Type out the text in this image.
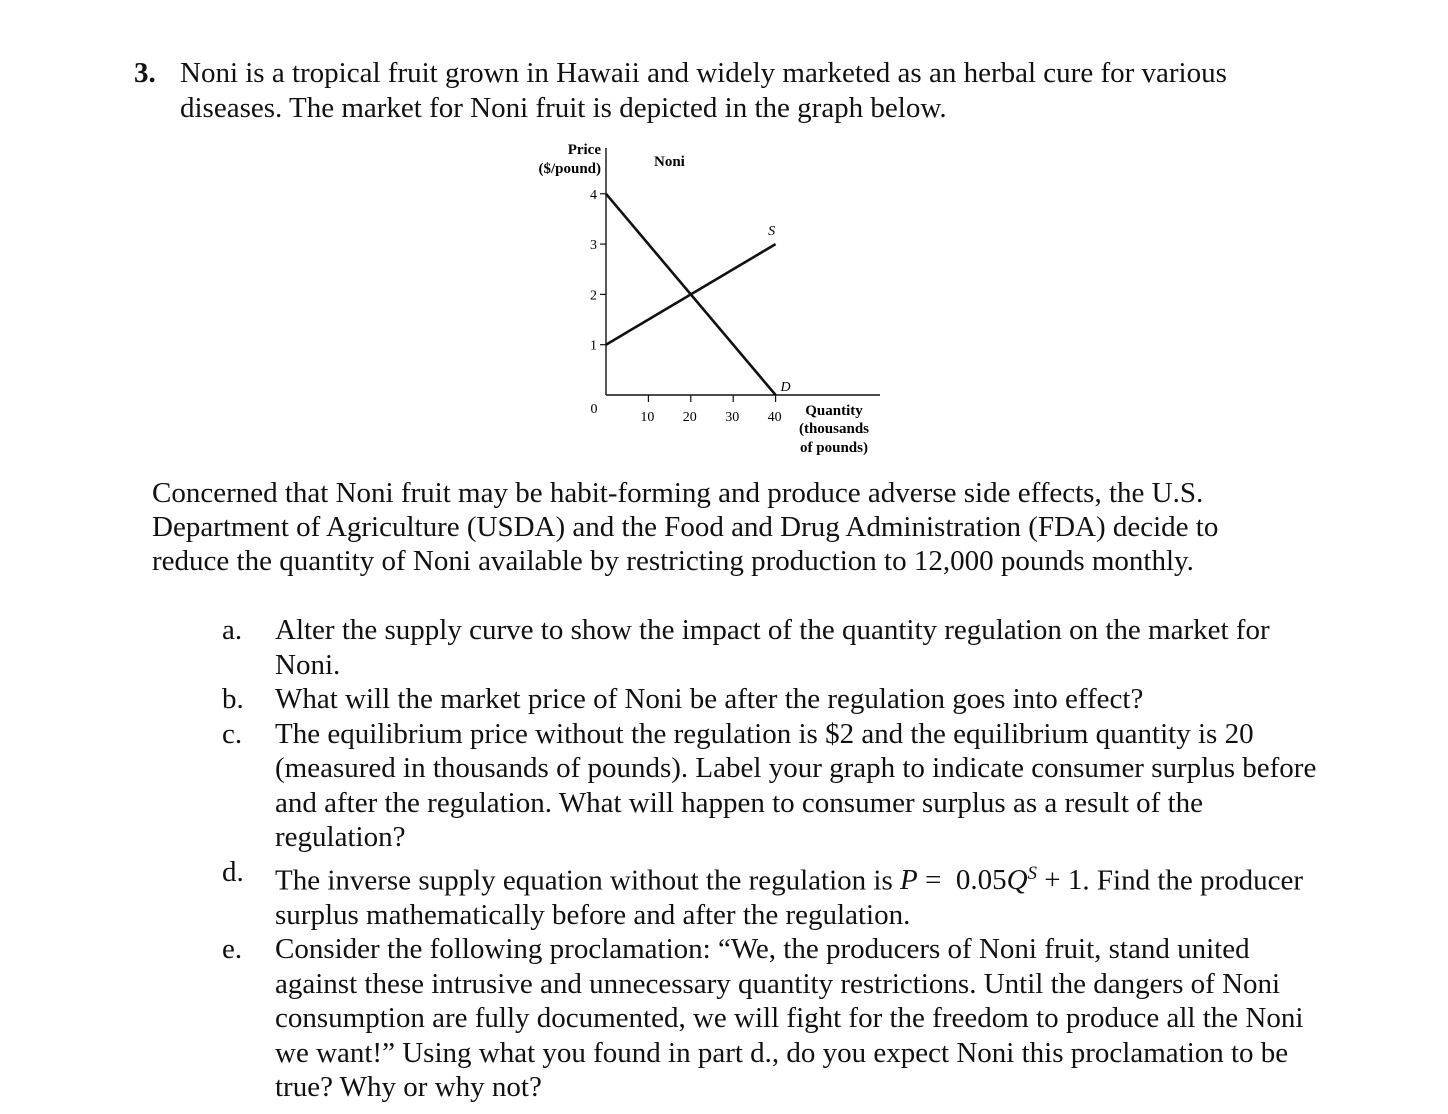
3. Noni is a tropical fruit grown in Hawaii and widely marketed as an herbal cure for various diseases. The market for Noni fruit is depicted in the graph below.
Price
($/pound)	Noni
0
1
2
3
4
10 20 30 40
S
D
Quantity
(thousands
of pounds)
Concerned that Noni fruit may be habit-forming and produce adverse side effects, the U.S. Department of Agriculture (USDA) and the Food and Drug Administration (FDA) decide to reduce the quantity of Noni available by restricting production to 12,000 pounds monthly.
a. Alter the supply curve to show the impact of the quantity regulation on the market for Noni.
b. What will the market price of Noni be after the regulation goes into effect?
c. The equilibrium price without the regulation is $2 and the equilibrium quantity is 20 (measured in thousands of pounds). Label your graph to indicate consumer surplus before and after the regulation. What will happen to consumer surplus as a result of the regulation?
d. The inverse supply equation without the regulation is $P = 0.05Q^S + 1$. Find the producer surplus mathematically before and after the regulation.
e. Consider the following proclamation: “We, the producers of Noni fruit, stand united against these intrusive and unnecessary quantity restrictions. Until the dangers of Noni consumption are fully documented, we will fight for the freedom to produce all the Noni we want!” Using what you found in part d., do you expect Noni this proclamation to be true? Why or why not?
